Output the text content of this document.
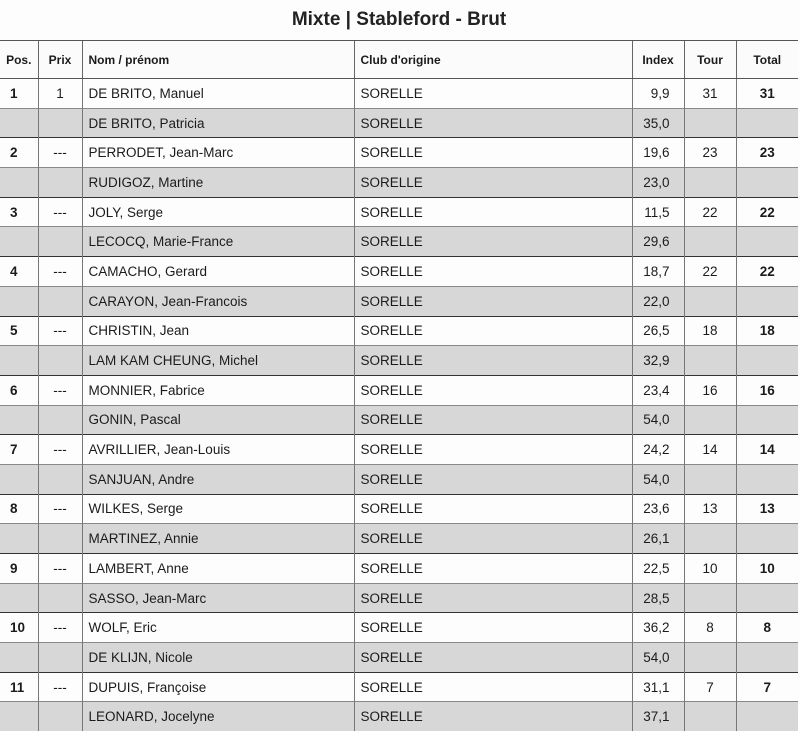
Mixte | Stableford - Brut
Pos.	Prix	Nom / prénom	Club d'origine	Index	Tour	Total
1	1	DE BRITO, Manuel	SORELLE	9,9	31	31
		DE BRITO, Patricia	SORELLE	35,0		
2	---	PERRODET, Jean-Marc	SORELLE	19,6	23	23
		RUDIGOZ, Martine	SORELLE	23,0		
3	---	JOLY, Serge	SORELLE	11,5	22	22
		LECOCQ, Marie-France	SORELLE	29,6		
4	---	CAMACHO, Gerard	SORELLE	18,7	22	22
		CARAYON, Jean-Francois	SORELLE	22,0		
5	---	CHRISTIN, Jean	SORELLE	26,5	18	18
		LAM KAM CHEUNG, Michel	SORELLE	32,9		
6	---	MONNIER, Fabrice	SORELLE	23,4	16	16
		GONIN, Pascal	SORELLE	54,0		
7	---	AVRILLIER, Jean-Louis	SORELLE	24,2	14	14
		SANJUAN, Andre	SORELLE	54,0		
8	---	WILKES, Serge	SORELLE	23,6	13	13
		MARTINEZ, Annie	SORELLE	26,1		
9	---	LAMBERT, Anne	SORELLE	22,5	10	10
		SASSO, Jean-Marc	SORELLE	28,5		
10	---	WOLF, Eric	SORELLE	36,2	8	8
		DE KLIJN, Nicole	SORELLE	54,0		
11	---	DUPUIS, Françoise	SORELLE	31,1	7	7
		LEONARD, Jocelyne	SORELLE	37,1		
